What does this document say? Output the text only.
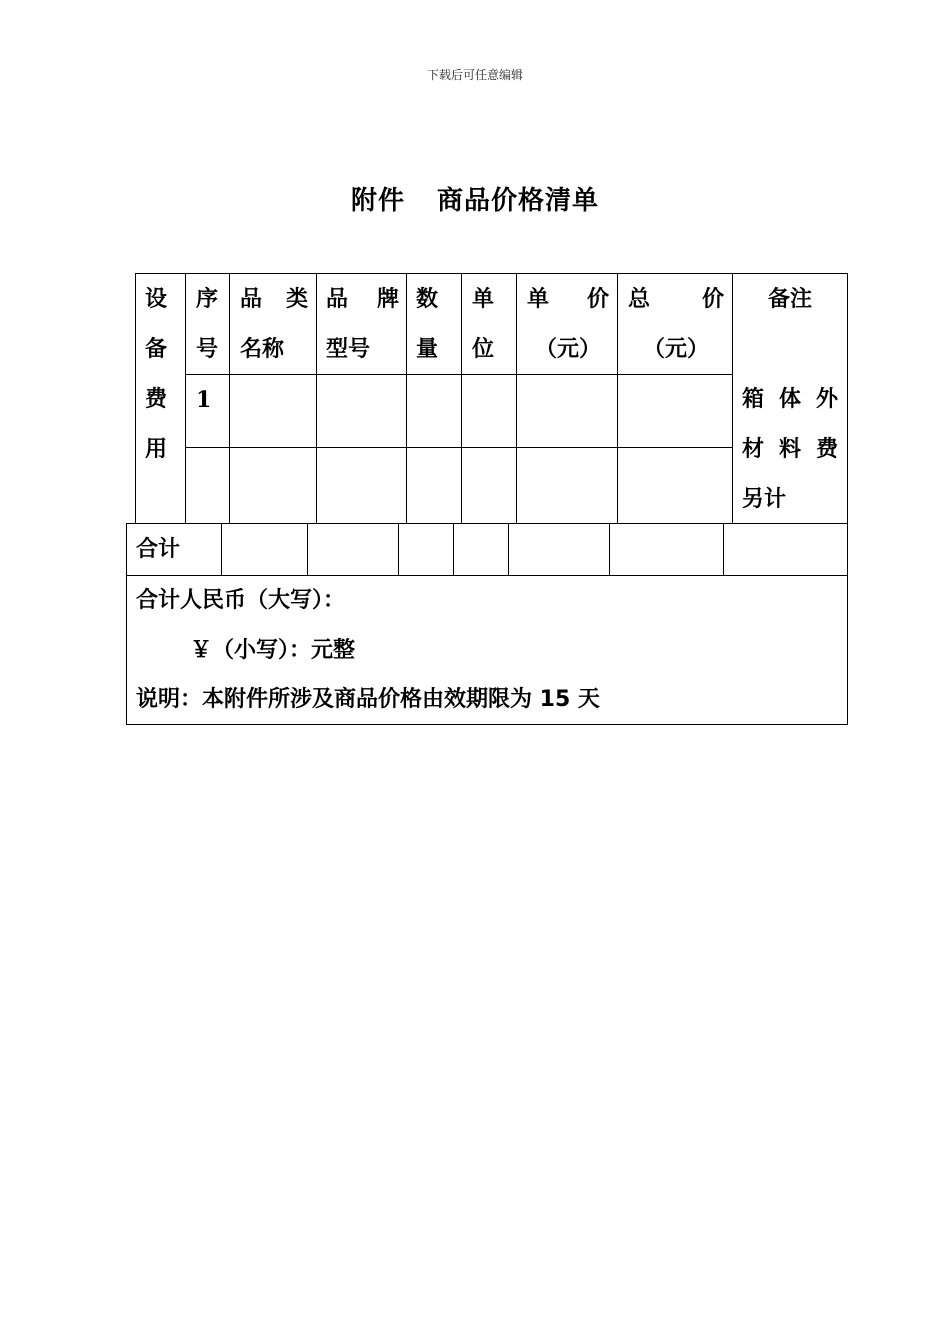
下载后可任意编辑
附件 商品价格清单
设
备
费
用
序
号
品 类
名称
品 牌
型号
数
量
单
位
单 价
（元）
总 价
（元）
备注
1	箱 体 外
材 料 费
另计
合计
合计人民币（大写）：
￥（小写）：元整
说明：本附件所涉及商品价格由效期限为 15 天
